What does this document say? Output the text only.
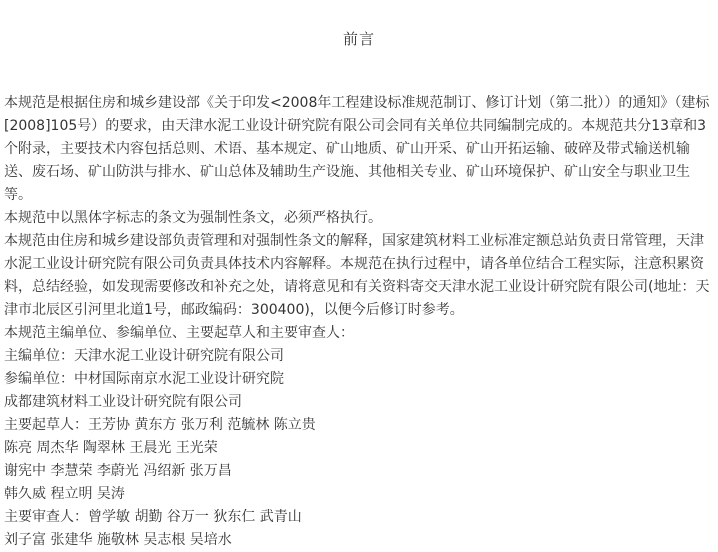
前言

本规范是根据住房和城乡建设部《关于印发<2008年工程建设标准规范制订、修订计划（第二批））的通知》（建标[2008]105号）的要求，由天津水泥工业设计研究院有限公司会同有关单位共同编制完成的。本规范共分13章和3个附录，主要技术内容包括总则、术语、基本规定、矿山地质、矿山开采、矿山开拓运输、破碎及带式输送机输送、废石场、矿山防洪与排水、矿山总体及辅助生产设施、其他相关专业、矿山环境保护、矿山安全与职业卫生等。

本规范中以黑体字标志的条文为强制性条文，必须严格执行。

本规范由住房和城乡建设部负责管理和对强制性条文的解释，国家建筑材料工业标准定额总站负责日常管理，天津水泥工业设计研究院有限公司负责具体技术内容解释。本规范在执行过程中，请各单位结合工程实际，注意积累资料，总结经验，如发现需要修改和补充之处，请将意见和有关资料寄交天津水泥工业设计研究院有限公司(地址：天津市北辰区引河里北道1号，邮政编码：300400)，以便今后修订时参考。

本规范主编单位、参编单位、主要起草人和主要审查人：

主编单位：天津水泥工业设计研究院有限公司

参编单位：中材国际南京水泥工业设计研究院

成都建筑材料工业设计研究院有限公司

主要起草人：王芳协 黄东方 张万利 范毓林 陈立贵

陈亮 周杰华 陶翠林 王晨光 王光荣

谢宪中 李慧荣 李蔚光 冯绍新 张万昌

韩久威 程立明 吴涛

主要审查人：曾学敏 胡勤 谷万一 狄东仁 武青山

刘子富 张建华 施敬林 吴志根 吴培水
